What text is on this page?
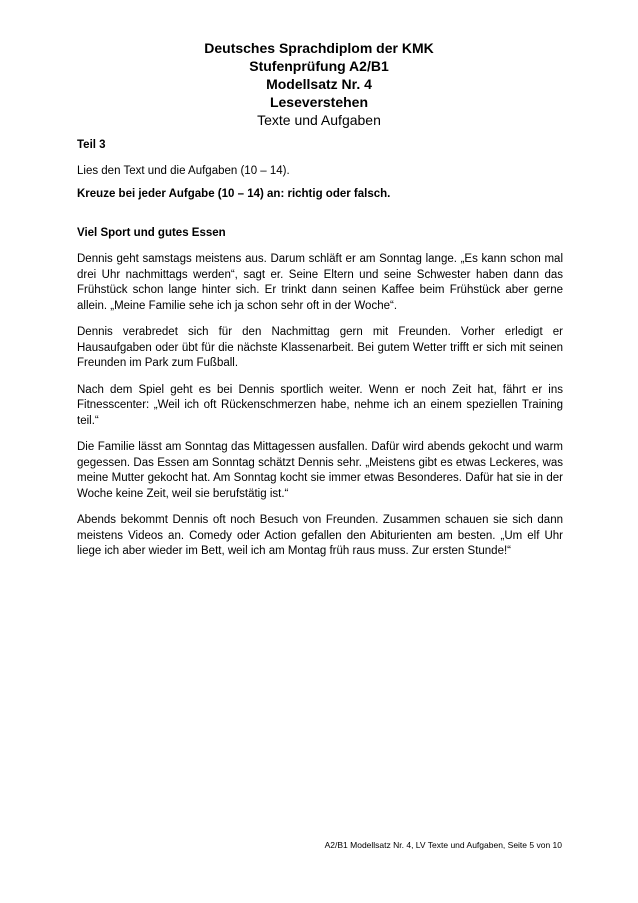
Deutsches Sprachdiplom der KMK
Stufenprüfung A2/B1
Modellsatz Nr. 4
Leseverstehen
Texte und Aufgaben
Teil 3
Lies den Text und die Aufgaben (10 – 14).
Kreuze bei jeder Aufgabe (10 – 14) an: richtig oder falsch.
Viel Sport und gutes Essen

Dennis geht samstags meistens aus. Darum schläft er am Sonntag lange. „Es kann schon mal drei Uhr nachmittags werden“, sagt er. Seine Eltern und seine Schwester haben dann das Frühstück schon lange hinter sich. Er trinkt dann seinen Kaffee beim Frühstück aber gerne allein. „Meine Familie sehe ich ja schon sehr oft in der Woche“.

Dennis verabredet sich für den Nachmittag gern mit Freunden. Vorher erledigt er Hausaufgaben oder übt für die nächste Klassenarbeit. Bei gutem Wetter trifft er sich mit seinen Freunden im Park zum Fußball.

Nach dem Spiel geht es bei Dennis sportlich weiter. Wenn er noch Zeit hat, fährt er ins Fitnesscenter: „Weil ich oft Rückenschmerzen habe, nehme ich an einem speziellen Training teil.“

Die Familie lässt am Sonntag das Mittagessen ausfallen. Dafür wird abends gekocht und warm gegessen. Das Essen am Sonntag schätzt Dennis sehr. „Meistens gibt es etwas Leckeres, was meine Mutter gekocht hat. Am Sonntag kocht sie immer etwas Besonderes. Dafür hat sie in der Woche keine Zeit, weil sie berufstätig ist.“

Abends bekommt Dennis oft noch Besuch von Freunden. Zusammen schauen sie sich dann meistens Videos an. Comedy oder Action gefallen den Abiturienten am besten. „Um elf Uhr liege ich aber wieder im Bett, weil ich am Montag früh raus muss. Zur ersten Stunde!“

A2/B1 Modellsatz Nr. 4, LV Texte und Aufgaben, Seite 5 von 10
